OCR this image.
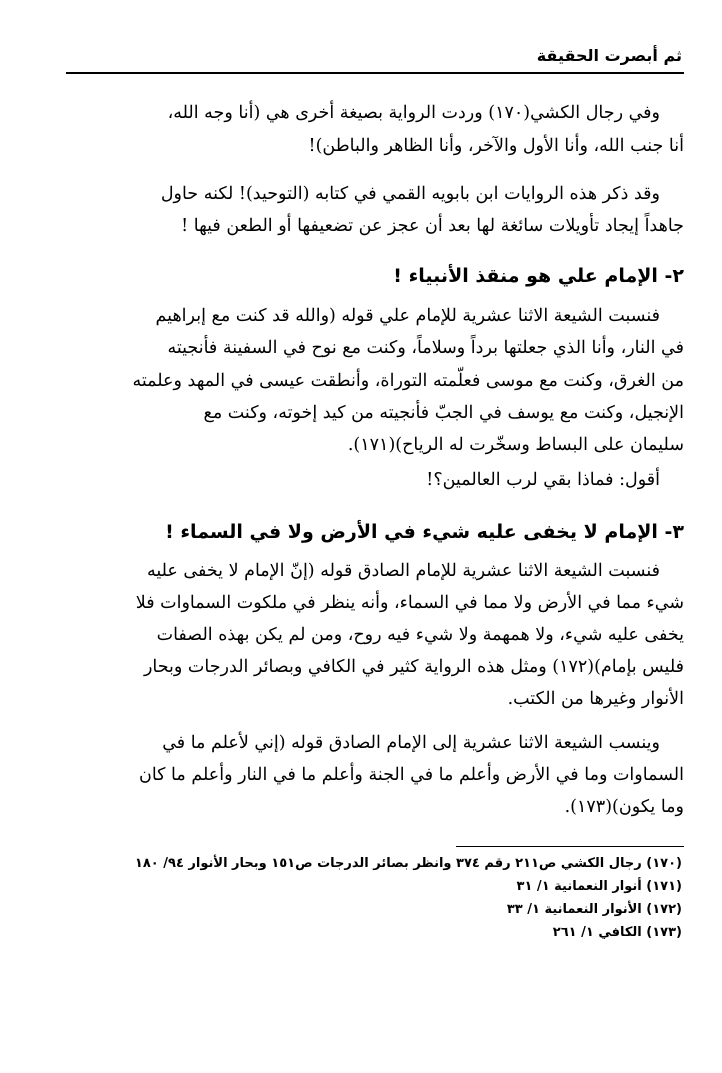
ثم أبصرت الحقيقة
وفي رجال الكشي(١٧٠) وردت الرواية بصيغة أخرى هي (أنا وجه الله،
أنا جنب الله، وأنا الأول والآخر، وأنا الظاهر والباطن)!
وقد ذكر هذه الروايات ابن بابويه القمي في كتابه (التوحيد)! لكنه حاول
جاهداً إيجاد تأويلات سائغة لها بعد أن عجز عن تضعيفها أو الطعن فيها !
٢- الإمام علي هو منقذ الأنبياء !
فنسبت الشيعة الاثنا عشرية للإمام علي قوله (والله قد كنت مع إبراهيم
في النار، وأنا الذي جعلتها برداً وسلاماً، وكنت مع نوح في السفينة فأنجيته
من الغرق، وكنت مع موسى فعلّمته التوراة، وأنطقت عيسى في المهد وعلمته
الإنجيل، وكنت مع يوسف في الجبّ فأنجيته من كيد إخوته، وكنت مع
سليمان على البساط وسخّرت له الرياح)(١٧١).
أقول: فماذا بقي لرب العالمين؟!
٣- الإمام لا يخفى عليه شيء في الأرض ولا في السماء !
فنسبت الشيعة الاثنا عشرية للإمام الصادق قوله (إنّ الإمام لا يخفى عليه
شيء مما في الأرض ولا مما في السماء، وأنه ينظر في ملكوت السماوات فلا
يخفى عليه شيء، ولا همهمة ولا شيء فيه روح، ومن لم يكن بهذه الصفات
فليس بإمام)(١٧٢) ومثل هذه الرواية كثير في الكافي وبصائر الدرجات وبحار
الأنوار وغيرها من الكتب.
وينسب الشيعة الاثنا عشرية إلى الإمام الصادق قوله (إني لأعلم ما في
السماوات وما في الأرض وأعلم ما في الجنة وأعلم ما في النار وأعلم ما كان
وما يكون)(١٧٣).
(١٧٠) رجال الكشي ص٢١١ رقم ٣٧٤ وانظر بصائر الدرجات ص١٥١ وبحار الأنوار ٩٤/ ١٨٠
(١٧١) أنوار النعمانية ١/ ٣١
(١٧٢) الأنوار النعمانية ١/ ٣٣
(١٧٣) الكافي ١/ ٢٦١
